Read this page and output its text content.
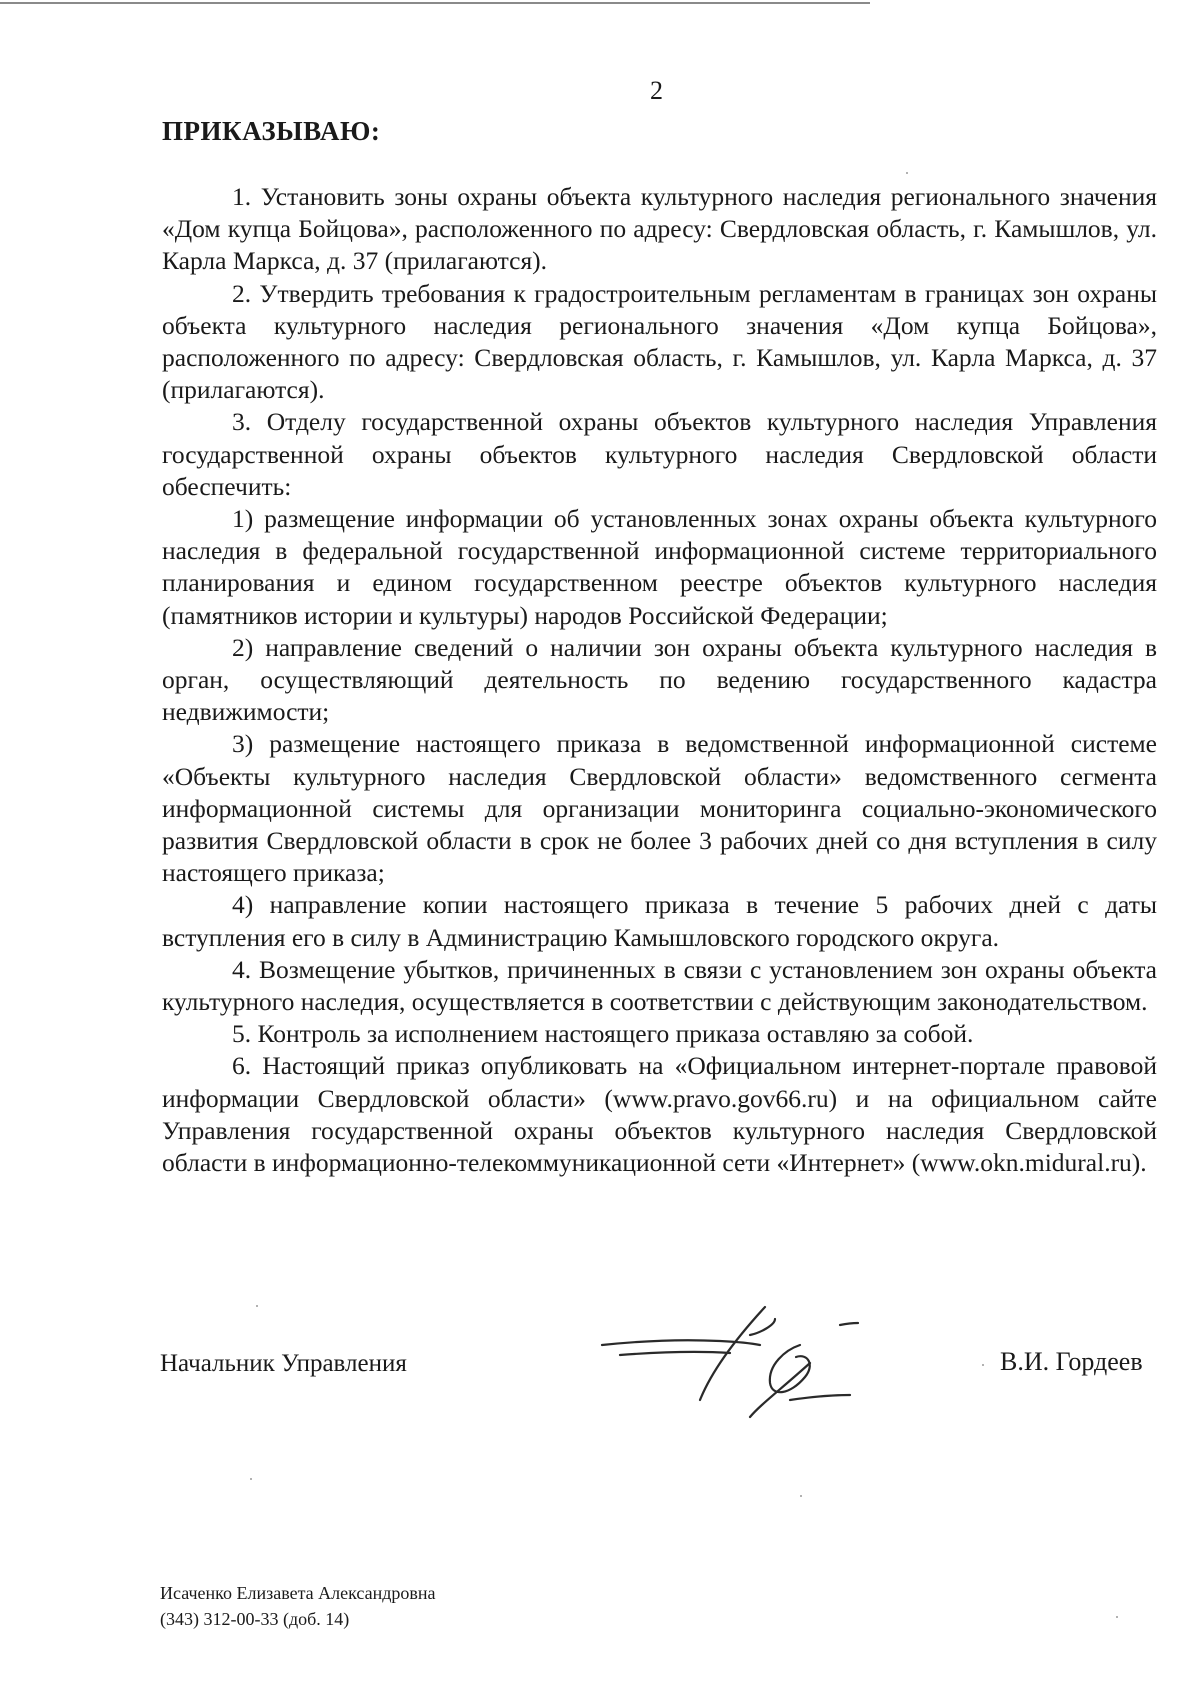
2
ПРИКАЗЫВАЮ:

1. Установить зоны охраны объекта культурного наследия регионального значения «Дом купца Бойцова», расположенного по адресу: Свердловская область, г. Камышлов, ул. Карла Маркса, д. 37 (прилагаются).

2. Утвердить требования к градостроительным регламентам в границах зон охраны объекта культурного наследия регионального значения «Дом купца Бойцова», расположенного по адресу: Свердловская область, г. Камышлов, ул. Карла Маркса, д. 37 (прилагаются).

3. Отделу государственной охраны объектов культурного наследия Управления государственной охраны объектов культурного наследия Свердловской области обеспечить:

1) размещение информации об установленных зонах охраны объекта культурного наследия в федеральной государственной информационной системе территориального планирования и едином государственном реестре объектов культурного наследия (памятников истории и культуры) народов Российской Федерации;

2) направление сведений о наличии зон охраны объекта культурного наследия в орган, осуществляющий деятельность по ведению государственного кадастра недвижимости;

3) размещение настоящего приказа в ведомственной информационной системе «Объекты культурного наследия Свердловской области» ведомственного сегмента информационной системы для организации мониторинга социально-экономического развития Свердловской области в срок не более 3 рабочих дней со дня вступления в силу настоящего приказа;

4) направление копии настоящего приказа в течение 5 рабочих дней с даты вступления его в силу в Администрацию Камышловского городского округа.

4. Возмещение убытков, причиненных в связи с установлением зон охраны объекта культурного наследия, осуществляется в соответствии с действующим законодательством.

5. Контроль за исполнением настоящего приказа оставляю за собой.

6. Настоящий приказ опубликовать на «Официальном интернет-портале правовой информации Свердловской области» (www.pravo.gov66.ru) и на официальном сайте Управления государственной охраны объектов культурного наследия Свердловской области в информационно-телекоммуникационной сети «Интернет» (www.okn.midural.ru).

Начальник Управления	В.И. Гордеев
Исаченко Елизавета Александровна
(343) 312-00-33 (доб. 14)
